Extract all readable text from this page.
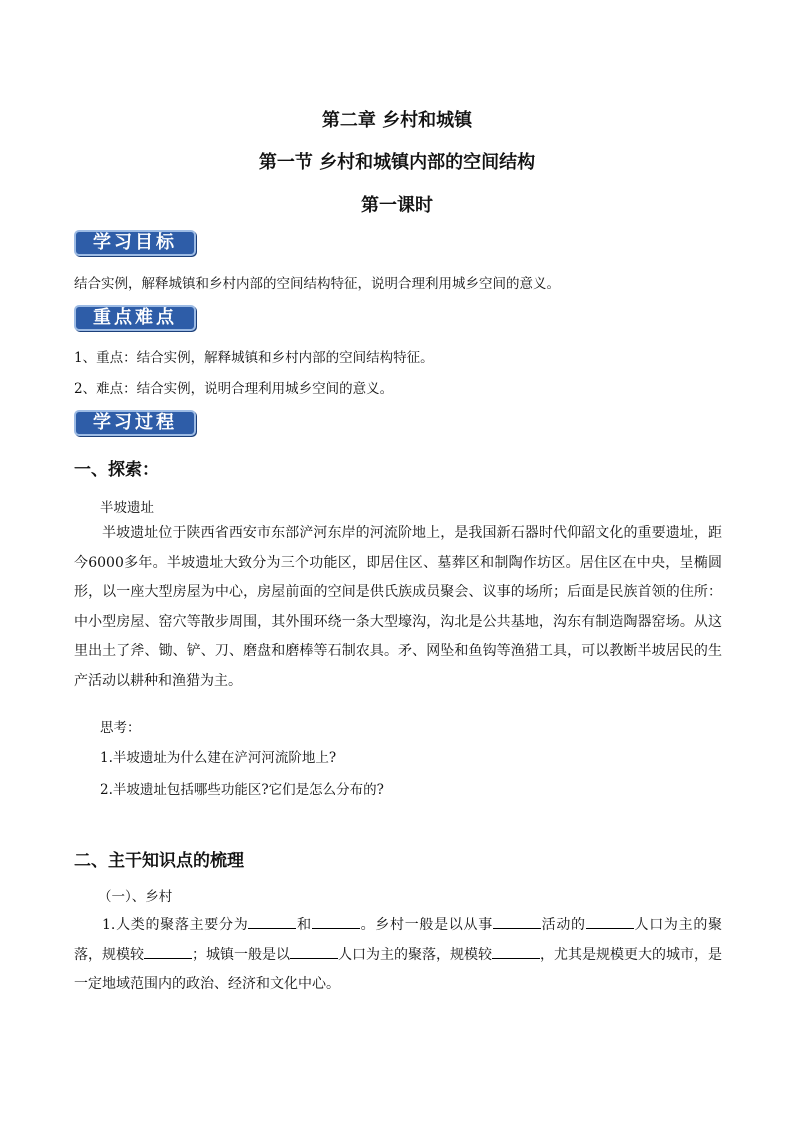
第二章 乡村和城镇
第一节 乡村和城镇内部的空间结构
第一课时
学习目标
结合实例，解释城镇和乡村内部的空间结构特征，说明合理利用城乡空间的意义。
重点难点
1、重点：结合实例，解释城镇和乡村内部的空间结构特征。
2、难点：结合实例，说明合理利用城乡空间的意义。
学习过程
一、探索：
半坡遗址
半坡遗址位于陕西省西安市东部浐河东岸的河流阶地上，是我国新石器时代仰韶文化的重要遗址，距今6000多年。半坡遗址大致分为三个功能区，即居住区、墓葬区和制陶作坊区。居住区在中央，呈椭圆形，以一座大型房屋为中心，房屋前面的空间是供氏族成员聚会、议事的场所；后面是民族首领的住所：中小型房屋、窑穴等散步周围，其外围环绕一条大型壕沟，沟北是公共基地，沟东有制造陶器窑场。从这里出土了斧、锄、铲、刀、磨盘和磨棒等石制农具。矛、网坠和鱼钩等渔猎工具，可以教断半坡居民的生产活动以耕种和渔猎为主。
思考：
1.半坡遗址为什么建在浐河河流阶地上?
2.半坡遗址包括哪些功能区?它们是怎么分布的?
二、主干知识点的梳理
（一）、乡村
1.人类的聚落主要分为	和	。乡村一般是以从事	活动的	人口为主的聚落，规模较	；城镇一般是以	人口为主的聚落，规模较	，尤其是规模更大的城市，是一定地域范围内的政治、经济和文化中心。
